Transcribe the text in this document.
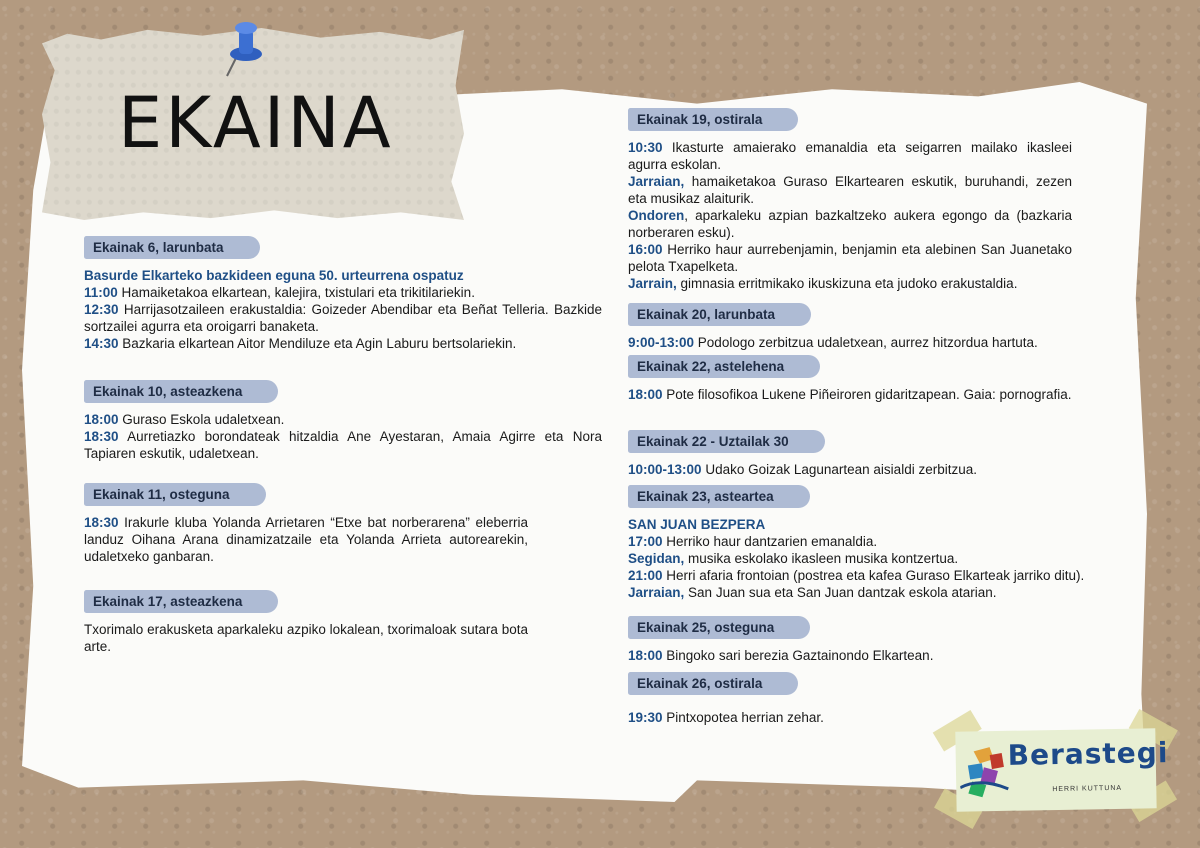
EKAINA
Ekainak 6, larunbata

Basurde Elkarteko bazkideen eguna 50. urteurrena ospatuz

11:00 Hamaiketakoa elkartean, kalejira, txistulari eta trikitilariekin.

12:30 Harrijasotzaileen erakustaldia: Goizeder Abendibar eta Beñat Telleria. Bazkide sortzailei agurra eta oroigarri banaketa.

14:30 Bazkaria elkartean Aitor Mendiluze eta Agin Laburu bertsolariekin.

Ekainak 10, asteazkena

18:00 Guraso Eskola udaletxean.

18:30 Aurretiazko borondateak hitzaldia Ane Ayestaran, Amaia Agirre eta Nora Tapiaren eskutik, udaletxean.

Ekainak 11, osteguna

18:30 Irakurle kluba Yolanda Arrietaren “Etxe bat norberarena” eleberria landuz Oihana Arana dinamizatzaile eta Yolanda Arrieta autorearekin, udaletxeko ganbaran.

Ekainak 17, asteazkena

Txorimalo erakusketa aparkaleku azpiko lokalean, txorimaloak sutara bota arte.

Ekainak 19, ostirala

10:30 Ikasturte amaierako emanaldia eta seigarren mailako ikasleei agurra eskolan.

Jarraian, hamaiketakoa Guraso Elkartearen eskutik, buruhandi, zezen eta musikaz alaiturik.

Ondoren, aparkaleku azpian bazkaltzeko aukera egongo da (bazkaria norberaren esku).

16:00 Herriko haur aurrebenjamin, benjamin eta alebinen San Juanetako pelota Txapelketa.

Jarrain, gimnasia erritmikako ikuskizuna eta judoko erakustaldia.

Ekainak 20, larunbata

9:00-13:00 Podologo zerbitzua udaletxean, aurrez hitzordua hartuta.

Ekainak 22, astelehena

18:00 Pote filosofikoa Lukene Piñeiroren gidaritzapean. Gaia: pornografia.

Ekainak 22 - Uztailak 30

10:00-13:00 Udako Goizak Lagunartean aisialdi zerbitzua.

Ekainak 23, astearteа

SAN JUAN BEZPERA

17:00 Herriko haur dantzarien emanaldia.

Segidan, musika eskolako ikasleen musika kontzertua.

21:00 Herri afaria frontoian (postrea eta kafea Guraso Elkarteak jarriko ditu).

Jarraian, San Juan sua eta San Juan dantzak eskola atarian.

Ekainak 25, osteguna

18:00 Bingoko sari berezia Gaztainondo Elkartean.

Ekainak 26, ostirala

19:30 Pintxopotea herrian zehar.

Berastegi
HERRI KUTTUNA
